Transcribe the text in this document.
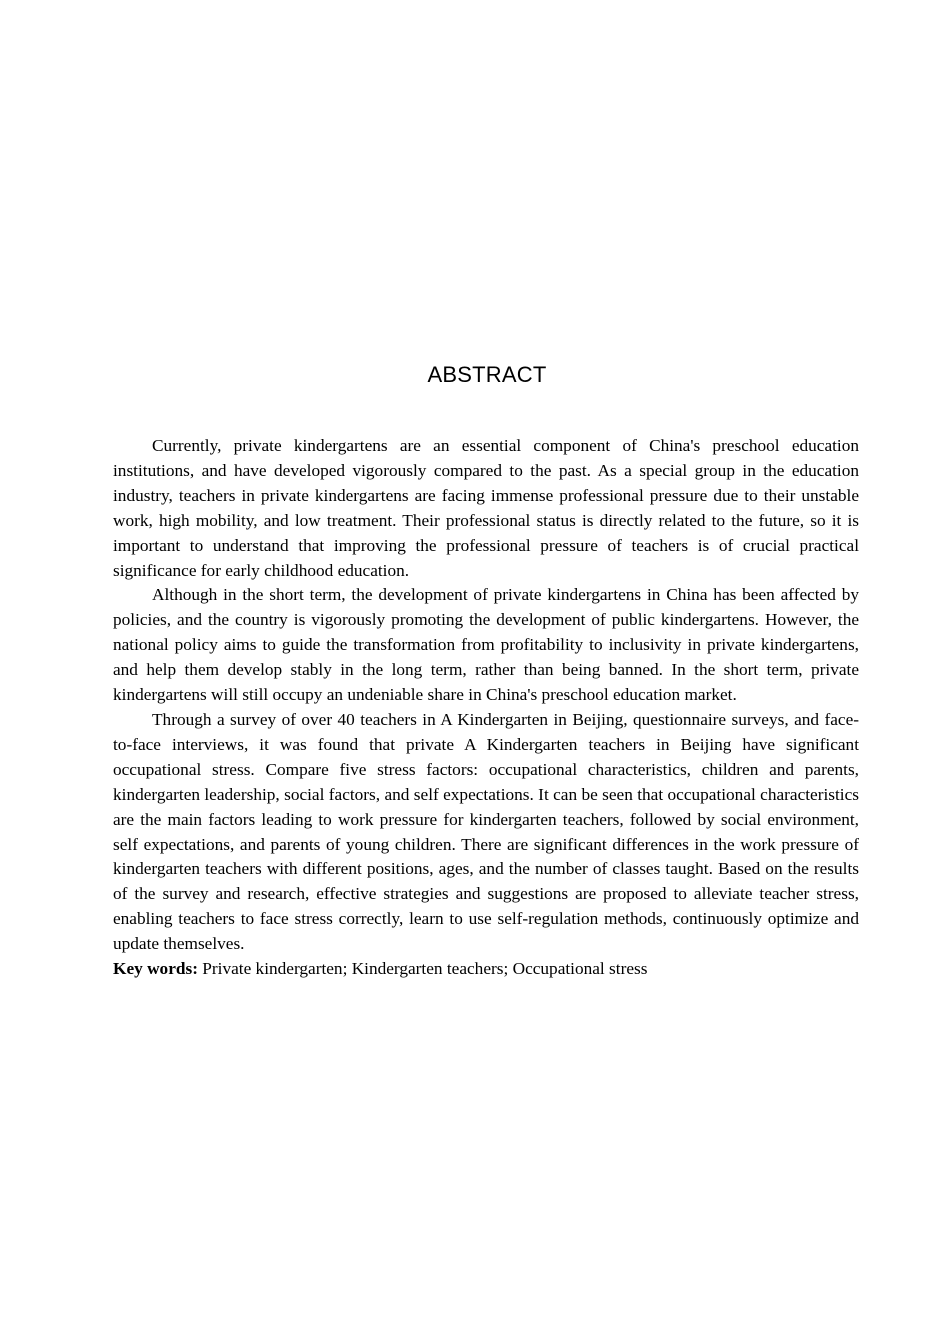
ABSTRACT

Currently, private kindergartens are an essential component of China's preschool education institutions, and have developed vigorously compared to the past. As a special group in the education industry, teachers in private kindergartens are facing immense professional pressure due to their unstable work, high mobility, and low treatment. Their professional status is directly related to the future, so it is important to understand that improving the professional pressure of teachers is of crucial practical significance for early childhood education.

Although in the short term, the development of private kindergartens in China has been affected by policies, and the country is vigorously promoting the development of public kindergartens. However, the national policy aims to guide the transformation from profitability to inclusivity in private kindergartens, and help them develop stably in the long term, rather than being banned. In the short term, private kindergartens will still occupy an undeniable share in China's preschool education market.

Through a survey of over 40 teachers in A Kindergarten in Beijing, questionnaire surveys, and face-to-face interviews, it was found that private A Kindergarten teachers in Beijing have significant occupational stress. Compare five stress factors: occupational characteristics, children and parents, kindergarten leadership, social factors, and self expectations. It can be seen that occupational characteristics are the main factors leading to work pressure for kindergarten teachers, followed by social environment, self expectations, and parents of young children. There are significant differences in the work pressure of kindergarten teachers with different positions, ages, and the number of classes taught. Based on the results of the survey and research, effective strategies and suggestions are proposed to alleviate teacher stress, enabling teachers to face stress correctly, learn to use self-regulation methods, continuously optimize and update themselves.

Key words: Private kindergarten; Kindergarten teachers; Occupational stress
